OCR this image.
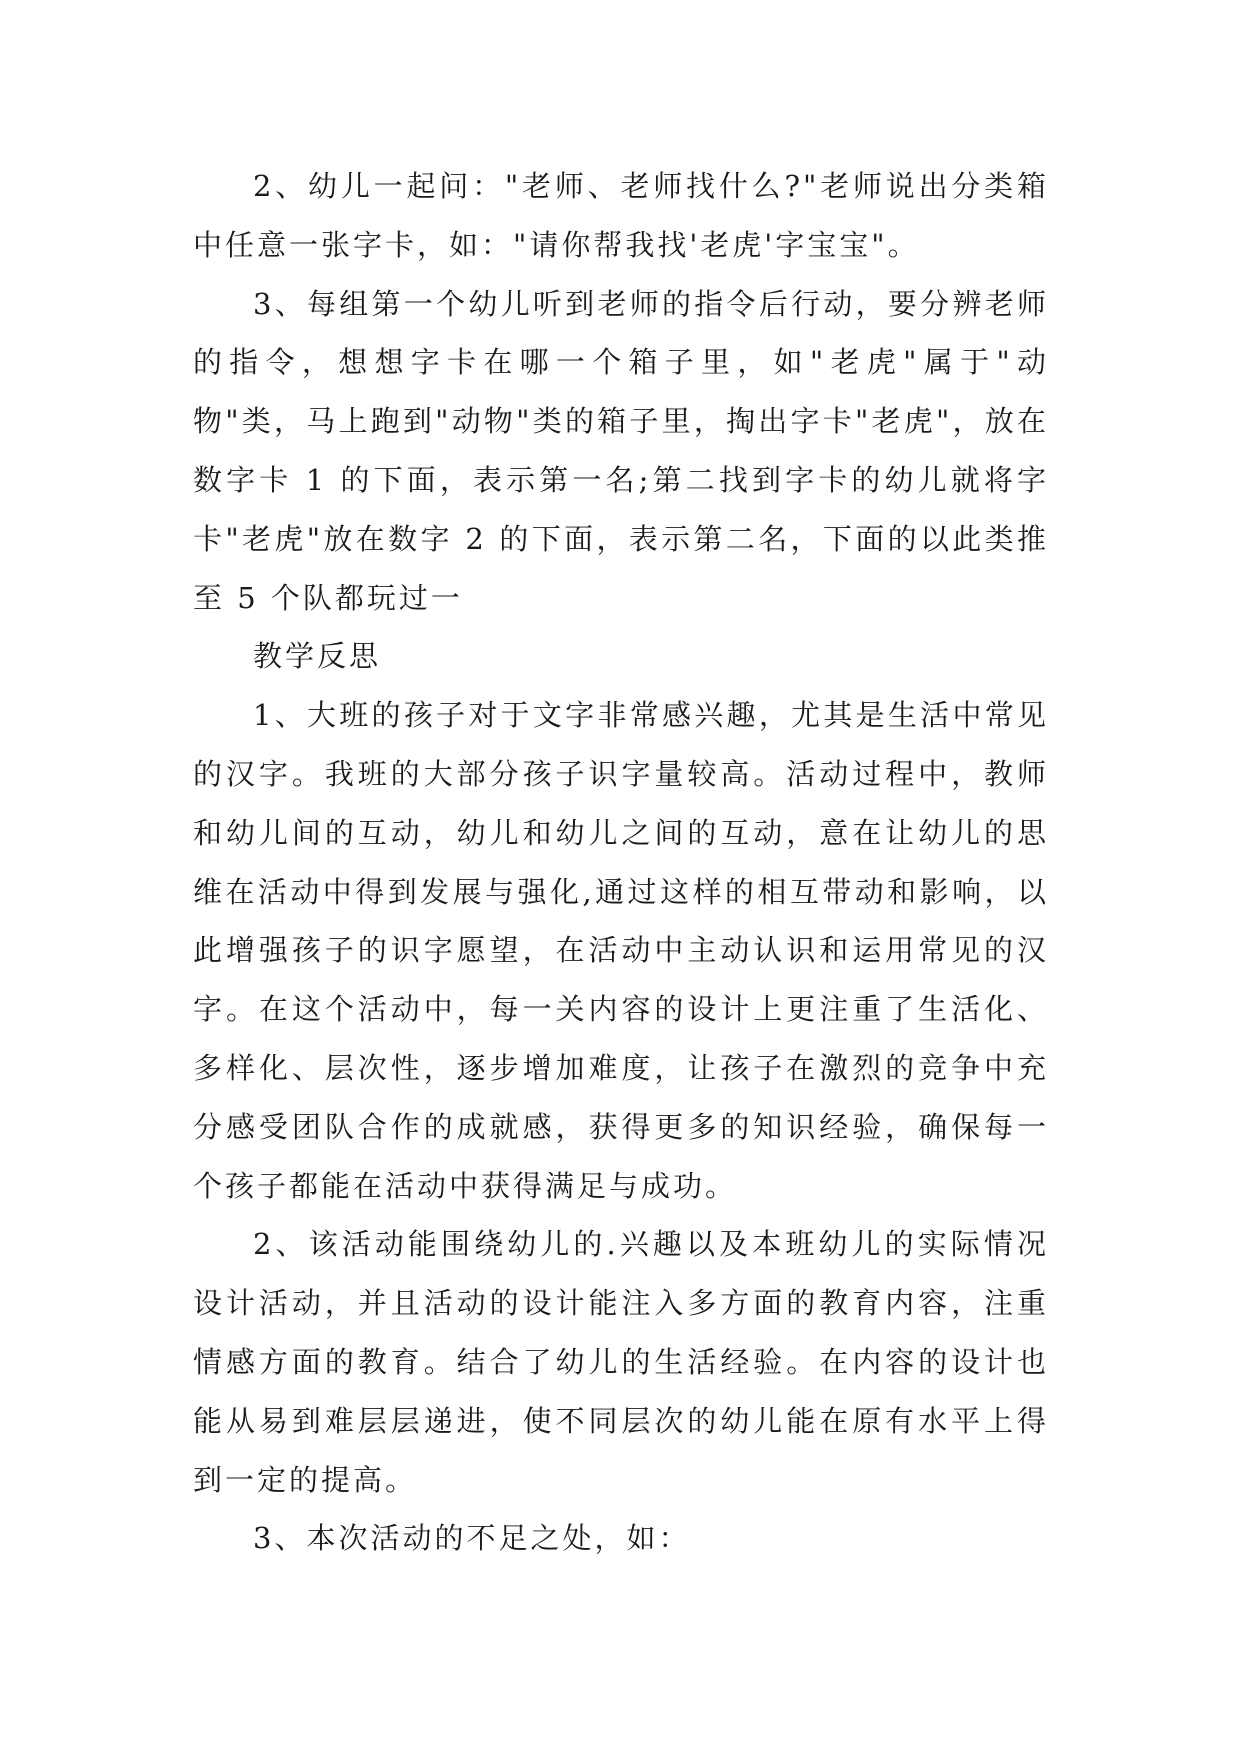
2、幼儿一起问："老师、老师找什么?"老师说出分类箱中任意一张字卡，如："请你帮我找'老虎'字宝宝"。

3、每组第一个幼儿听到老师的指令后行动，要分辨老师的指令，想想字卡在哪一个箱子里，如"老虎"属于"动物"类，马上跑到"动物"类的箱子里，掏出字卡"老虎"，放在数字卡 1 的下面，表示第一名;第二找到字卡的幼儿就将字卡"老虎"放在数字 2 的下面，表示第二名，下面的以此类推至 5 个队都玩过一

教学反思

1、大班的孩子对于文字非常感兴趣，尤其是生活中常见的汉字。我班的大部分孩子识字量较高。活动过程中，教师和幼儿间的互动，幼儿和幼儿之间的互动，意在让幼儿的思维在活动中得到发展与强化,通过这样的相互带动和影响，以此增强孩子的识字愿望，在活动中主动认识和运用常见的汉字。在这个活动中，每一关内容的设计上更注重了生活化、多样化、层次性，逐步增加难度，让孩子在激烈的竞争中充分感受团队合作的成就感，获得更多的知识经验，确保每一个孩子都能在活动中获得满足与成功。

2、该活动能围绕幼儿的.兴趣以及本班幼儿的实际情况设计活动，并且活动的设计能注入多方面的教育内容，注重情感方面的教育。结合了幼儿的生活经验。在内容的设计也能从易到难层层递进，使不同层次的幼儿能在原有水平上得到一定的提高。

3、本次活动的不足之处，如：
